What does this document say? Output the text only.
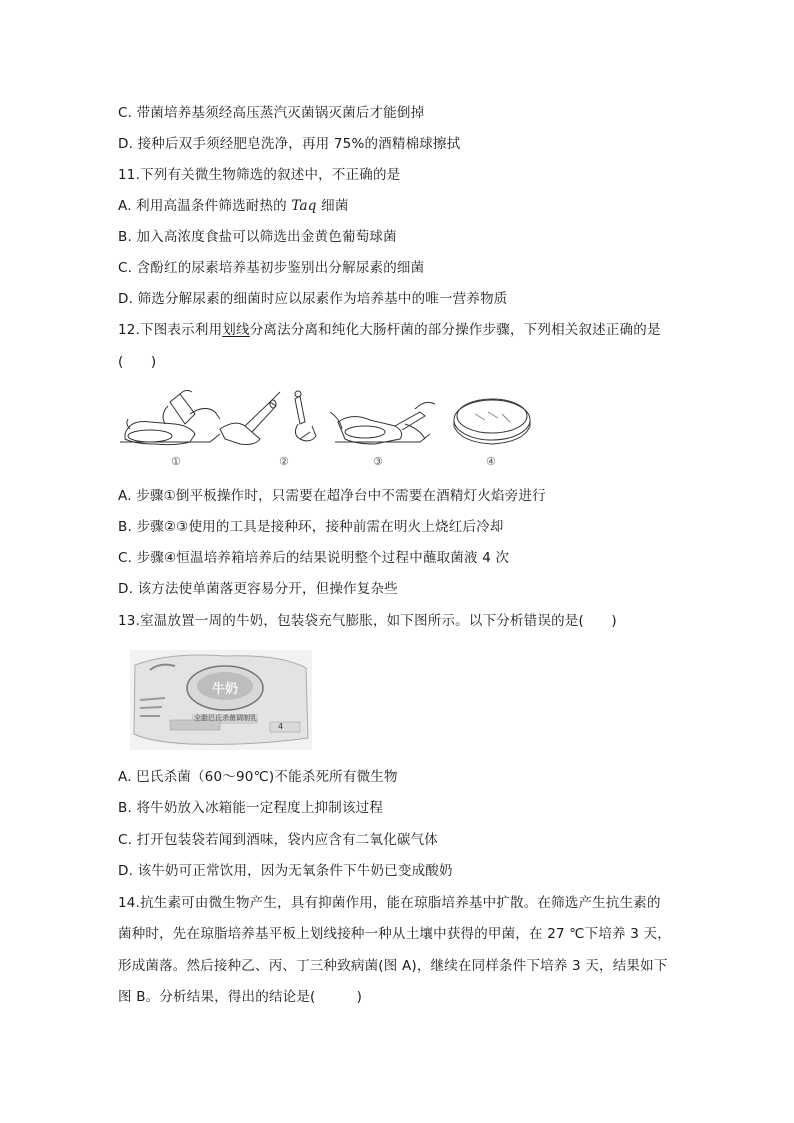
C. 带菌培养基须经高压蒸汽灭菌锅灭菌后才能倒掉
D. 接种后双手须经肥皂洗净，再用 75%的酒精棉球擦拭
11.下列有关微生物筛选的叙述中，不正确的是
A. 利用高温条件筛选耐热的 Taq 细菌
B. 加入高浓度食盐可以筛选出金黄色葡萄球菌
C. 含酚红的尿素培养基初步鉴别出分解尿素的细菌
D. 筛选分解尿素的细菌时应以尿素作为培养基中的唯一营养物质
12.下图表示利用划线分离法分离和纯化大肠杆菌的部分操作步骤，下列相关叙述正确的是
(　　)
①	②	③	④
A. 步骤①倒平板操作时，只需要在超净台中不需要在酒精灯火焰旁进行
B. 步骤②③使用的工具是接种环，接种前需在明火上烧红后冷却
C. 步骤④恒温培养箱培养后的结果说明整个过程中蘸取菌液 4 次
D. 该方法使单菌落更容易分开，但操作复杂些
13.室温放置一周的牛奶，包装袋充气膨胀，如下图所示。以下分析错误的是(　　)
牛奶
全脂巴氏杀菌调制乳
4
A. 巴氏杀菌（60～90℃)不能杀死所有微生物
B. 将牛奶放入冰箱能一定程度上抑制该过程
C. 打开包装袋若闻到酒味，袋内应含有二氧化碳气体
D. 该牛奶可正常饮用，因为无氧条件下牛奶已变成酸奶
14.抗生素可由微生物产生，具有抑菌作用，能在琼脂培养基中扩散。在筛选产生抗生素的
菌种时，先在琼脂培养基平板上划线接种一种从土壤中获得的甲菌，在 27 ℃下培养 3 天，
形成菌落。然后接种乙、丙、丁三种致病菌(图 A)，继续在同样条件下培养 3 天，结果如下
图 B。分析结果，得出的结论是(　　　)
